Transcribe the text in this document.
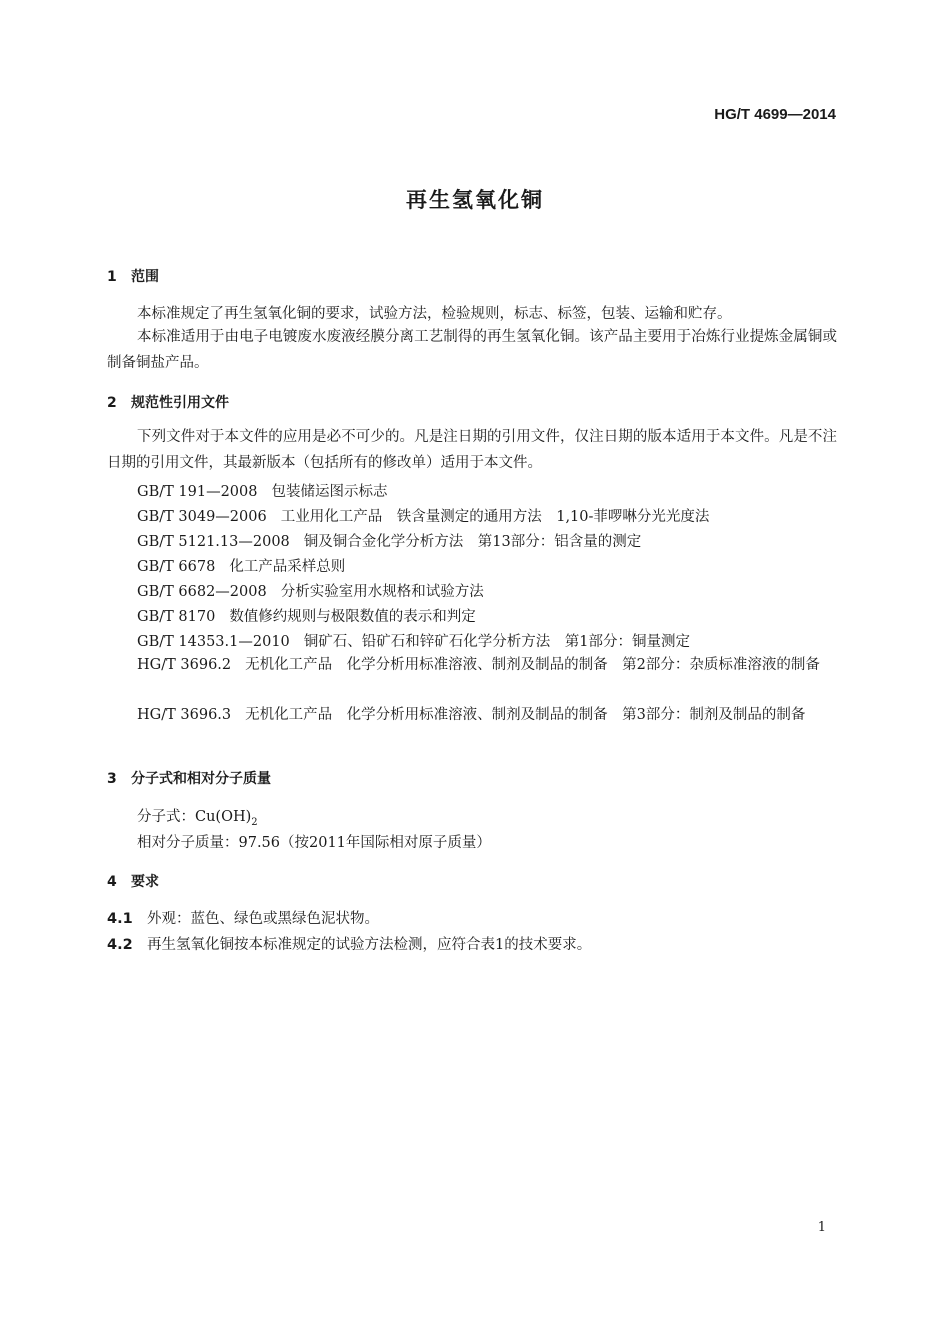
HG/T 4699—2014
再生氢氧化铜
1 范围
本标准规定了再生氢氧化铜的要求，试验方法，检验规则，标志、标签，包装、运输和贮存。
本标准适用于由电子电镀废水废液经膜分离工艺制得的再生氢氧化铜。该产品主要用于冶炼行业提炼金属铜或制备铜盐产品。
2 规范性引用文件
下列文件对于本文件的应用是必不可少的。凡是注日期的引用文件，仅注日期的版本适用于本文件。凡是不注日期的引用文件，其最新版本（包括所有的修改单）适用于本文件。
GB/T 191—2008 包装储运图示标志
GB/T 3049—2006 工业用化工产品　铁含量测定的通用方法　1,10-菲啰啉分光光度法
GB/T 5121.13—2008 铜及铜合金化学分析方法　第13部分：铝含量的测定
GB/T 6678 化工产品采样总则
GB/T 6682—2008 分析实验室用水规格和试验方法
GB/T 8170 数值修约规则与极限数值的表示和判定
GB/T 14353.1—2010 铜矿石、铅矿石和锌矿石化学分析方法　第1部分：铜量测定
HG/T 3696.2 无机化工产品　化学分析用标准溶液、制剂及制品的制备　第2部分：杂质标准溶液的制备
HG/T 3696.3 无机化工产品　化学分析用标准溶液、制剂及制品的制备　第3部分：制剂及制品的制备
3 分子式和相对分子质量
分子式：$Cu(OH)_2$
相对分子质量：97.56（按2011年国际相对原子质量）
4 要求
4.1 外观：蓝色、绿色或黑绿色泥状物。
4.2 再生氢氧化铜按本标准规定的试验方法检测，应符合表1的技术要求。
1
